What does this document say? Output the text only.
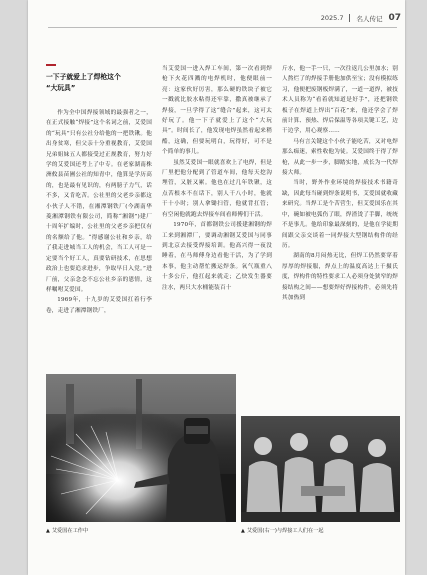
2025.7 名人传记 07
一下子就爱上了焊枪这个
“大玩具”

作为全中国焊接领域的最强者之一，在正式接触“焊接”这个名词之前，艾爱国的“玩具”只有公社分给他的一把铁锹。他出身贫寒，但父亲十分重视教育，艾爱国兄弟姐妹五人都接受过正规教育，努力好学的艾爱国还考上了中专。在老家湖南株洲攸县苗圃公社的知青中，他算是学历高的，也是最有见识的，有两膀子力气，话不多，又肯吃苦。公社里的父老乡亲都这小伙子人不错，在湘潭钢铁厂(今湖南华菱湘潭钢铁有限公司，简称“湘钢”)建厂十周年扩编时，公社里的父老乡亲把仅有的名额给了他。“得感谢公社和乡亲，给了我走进城当工人的机会，当工人可是一定要当个好工人，真要钻研技术，在思想政治上也要追求进步，争取早日入党。”进厂前，父亲念念不忘公社乡亲的恩情，这样嘱咐艾爱国。

1969年，十九岁的艾爱国扛着行李卷，走进了湘潭钢铁厂，

当艾爱国一进入焊工车间，第一次看到焊枪下火花四溅的电焊机时，他便眼前一亮：这家伙好厉害，那么硬的铁块子被它一戳就比胶水粘得还牢靠，撒真被继承了焊接，一旦学得了这“缝合”起来，这可太好玩了。他一下子就爱上了这个“大玩具”。时间长了，他发现电焊虽然看起来稍酷，这确，但要玩明白，玩得好，可不是个简单的事儿。

虽然艾爱国一眼就喜欢上了电焊，但是厂里把他分配到了管道车间，他每天挖沟埋管，又脏又累。他也在过几年铁锹，这点苦根本不在话下，别人干八小时，他就干十小时；别人拿锄扫管，他就背扛管；有空闲他就跑去焊接车间看师傅们干活。

1970年，首都钢铁公司援建湘钢的焊工来到湘潭厂，要调动湘钢艾爱国与同事到北京去接受焊接培训。他高兴得一夜没睡着，在马师傅身边看他干活，为了学到本事，他主动帮忙搬运焊条。氧气瓶重八十多公斤，他扛起来就走；乙炔发生器要注水，两只大水桶能装百十

斤水，他一手一只，一次往返几公里加水；别人熬烂了的焊接手册他加供至宝；没有模拟练习，他便把废钢板焊满了，一道一道焊，被技术人员称为“看着就知道是好手”，还把钢铁板子在焊道上焊出“百花”来，他还学会了焊前计算、预热、焊后保温等各项关键工艺，边干边学，用心观察……

马有言关键这个小伙子能吃苦，又对电焊那么痴迷，索性收他为徒。艾爱国终于得了焊枪，从此一步一步，脚踏实地，成长为一代焊接大师。

当时，野外作业环境的焊接技术书籍奇缺，因此每当碰到焊条说明书，艾爱国就收藏来研究。当焊工是个苦营生，但艾爱国乐在其中，碗如被电弧伤了眼，焊渣烫了手脚，统统不是事儿。他给印象最深刻的，是他在学徒期间跟父亲交谈着一同焊接大型钢结构件的经历。

湖南的8月闷热无比，但焊工仍然要穿着厚厚的焊接服，焊点上的温度高达上千摄氏度，焊构件的特性要求工人必须身处狭窄的焊接结构之间——想要焊好焊接构件，必须先将其加热到

▲ 艾爱国在工作中	▲ 艾爱国(右一)与焊接工人们在一起
